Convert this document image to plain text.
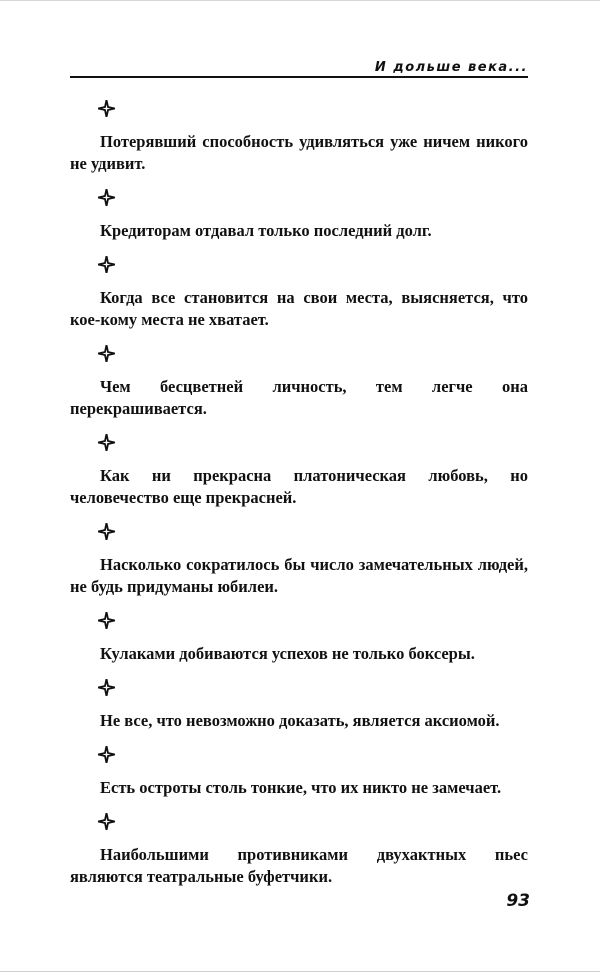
И дольше века...

Потерявший способность удивляться уже ничем никого не удивит.

Кредиторам отдавал только последний долг.

Когда все становится на свои места, выясняется, что кое-кому места не хватает.

Чем бесцветней личность, тем легче она перекрашивается.

Как ни прекрасна платоническая любовь, но человечество еще прекрасней.

Насколько сократилось бы число замечательных людей, не будь придуманы юбилеи.

Кулаками добиваются успехов не только боксеры.

Не все, что невозможно доказать, является аксиомой.

Есть остроты столь тонкие, что их никто не замечает.

Наибольшими противниками двухактных пьес являются театральные буфетчики.

93
